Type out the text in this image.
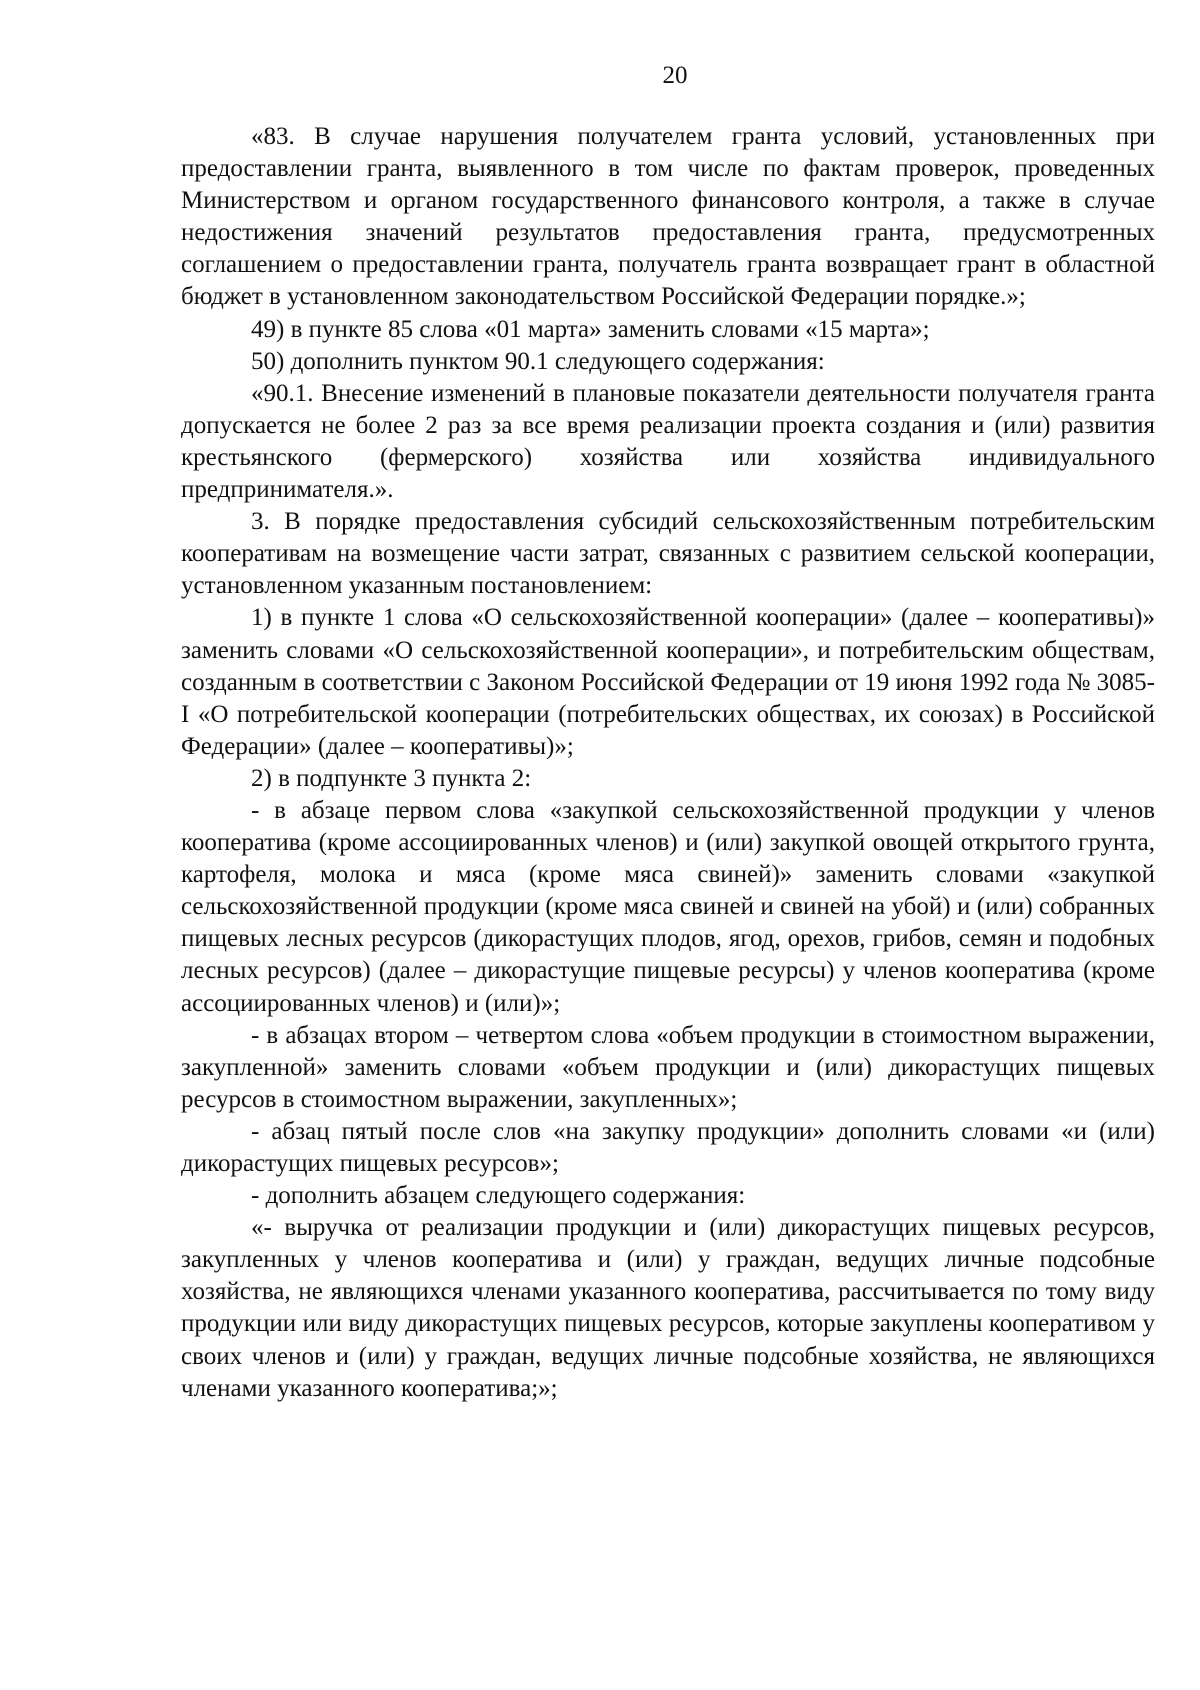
20

«83. В случае нарушения получателем гранта условий, установленных при предоставлении гранта, выявленного в том числе по фактам проверок, проведенных Министерством и органом государственного финансового контроля, а также в случае недостижения значений результатов предоставления гранта, предусмотренных соглашением о предоставлении гранта, получатель гранта возвращает грант в областной бюджет в установленном законодательством Российской Федерации порядке.»;

49) в пункте 85 слова «01 марта» заменить словами «15 марта»;

50) дополнить пунктом 90.1 следующего содержания:

«90.1. Внесение изменений в плановые показатели деятельности получателя гранта допускается не более 2 раз за все время реализации проекта создания и (или) развития крестьянского (фермерского) хозяйства или хозяйства индивидуального предпринимателя.».

3. В порядке предоставления субсидий сельскохозяйственным потребительским кооперативам на возмещение части затрат, связанных с развитием сельской кооперации, установленном указанным постановлением:

1) в пункте 1 слова «О сельскохозяйственной кооперации» (далее – кооперативы)» заменить словами «О сельскохозяйственной кооперации», и потребительским обществам, созданным в соответствии с Законом Российской Федерации от 19 июня 1992 года № 3085-I «О потребительской кооперации (потребительских обществах, их союзах) в Российской Федерации» (далее – кооперативы)»;

2) в подпункте 3 пункта 2:

- в абзаце первом слова «закупкой сельскохозяйственной продукции у членов кооператива (кроме ассоциированных членов) и (или) закупкой овощей открытого грунта, картофеля, молока и мяса (кроме мяса свиней)» заменить словами «закупкой сельскохозяйственной продукции (кроме мяса свиней и свиней на убой) и (или) собранных пищевых лесных ресурсов (дикорастущих плодов, ягод, орехов, грибов, семян и подобных лесных ресурсов) (далее – дикорастущие пищевые ресурсы) у членов кооператива (кроме ассоциированных членов) и (или)»;

- в абзацах втором – четвертом слова «объем продукции в стоимостном выражении, закупленной» заменить словами «объем продукции и (или) дикорастущих пищевых ресурсов в стоимостном выражении, закупленных»;

- абзац пятый после слов «на закупку продукции» дополнить словами «и (или) дикорастущих пищевых ресурсов»;

- дополнить абзацем следующего содержания:

«- выручка от реализации продукции и (или) дикорастущих пищевых ресурсов, закупленных у членов кооператива и (или) у граждан, ведущих личные подсобные хозяйства, не являющихся членами указанного кооператива, рассчитывается по тому виду продукции или виду дикорастущих пищевых ресурсов, которые закуплены кооперативом у своих членов и (или) у граждан, ведущих личные подсобные хозяйства, не являющихся членами указанного кооператива;»;
